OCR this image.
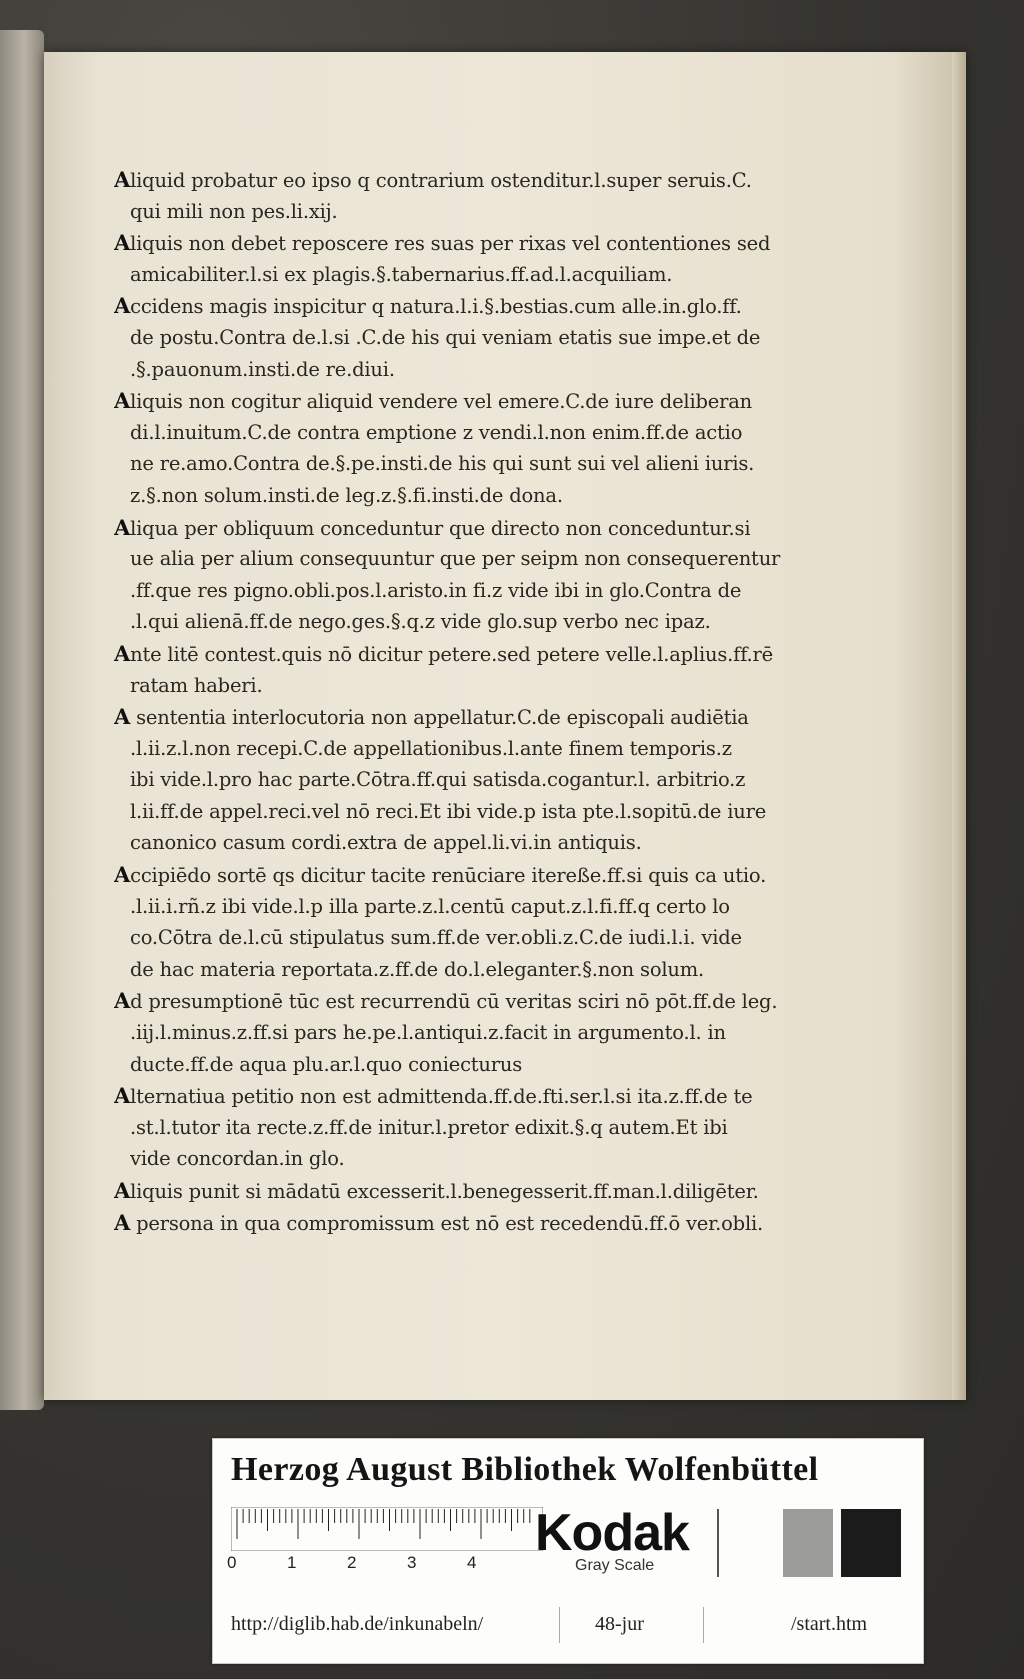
Aliquid probatur eo ipso q contrarium ostenditur.l.super seruis.C.
qui mili non pes.li.xij.
Aliquis non debet reposcere res suas per rixas vel contentiones sed
amicabiliter.l.si ex plagis.§.tabernarius.ff.ad.l.acquiliam.
Accidens magis inspicitur q natura.l.i.§.bestias.cum alle.in.glo.ff.
de postu.Contra de.l.si .C.de his qui veniam etatis sue impe.et de
.§.pauonum.insti.de re.diui.
Aliquis non cogitur aliquid vendere vel emere.C.de iure deliberan
di.l.inuitum.C.de contra emptione z vendi.l.non enim.ff.de actio
ne re.amo.Contra de.§.pe.insti.de his qui sunt sui vel alieni iuris.
z.§.non solum.insti.de leg.z.§.fi.insti.de dona.
Aliqua per obliquum conceduntur que directo non conceduntur.si
ue alia per alium consequuntur que per seipm non consequerentur
.ff.que res pigno.obli.pos.l.aristo.in fi.z vide ibi in glo.Contra de
.l.qui alienā.ff.de nego.ges.§.q.z vide glo.sup verbo nec ipaz.
Ante litē contest.quis nō dicitur petere.sed petere velle.l.aplius.ff.rē
ratam haberi.
A sententia interlocutoria non appellatur.C.de episcopali audiētia
.l.ii.z.l.non recepi.C.de appellationibus.l.ante finem temporis.z
ibi vide.l.pro hac parte.Cōtra.ff.qui satisda.cogantur.l. arbitrio.z
l.ii.ff.de appel.reci.vel nō reci.Et ibi vide.p ista pte.l.sopitū.de iure
canonico casum cordi.extra de appel.li.vi.in antiquis.
Accipiēdo sortē qs dicitur tacite renūciare itereße.ff.si quis ca utio.
.l.ii.i.rñ.z ibi vide.l.p illa parte.z.l.centū caput.z.l.fi.ff.q certo lo
co.Cōtra de.l.cū stipulatus sum.ff.de ver.obli.z.C.de iudi.l.i. vide
de hac materia reportata.z.ff.de do.l.eleganter.§.non solum.
Ad presumptionē tūc est recurrendū cū veritas sciri nō pōt.ff.de leg.
.iij.l.minus.z.ff.si pars he.pe.l.antiqui.z.facit in argumento.l. in
ducte.ff.de aqua plu.ar.l.quo coniecturus
Alternatiua petitio non est admittenda.ff.de.fti.ser.l.si ita.z.ff.de te
.st.l.tutor ita recte.z.ff.de initur.l.pretor edixit.§.q autem.Et ibi
vide concordan.in glo.
Aliquis punit si mādatū excesserit.l.benegesserit.ff.man.l.diligēter.
A persona in qua compromissum est nō est recedendū.ff.ō ver.obli.
Herzog August Bibliothek Wolfenbüttel
0	1	2	3	4
Kodak
Gray Scale
http://diglib.hab.de/inkunabeln/	48-jur	/start.htm
